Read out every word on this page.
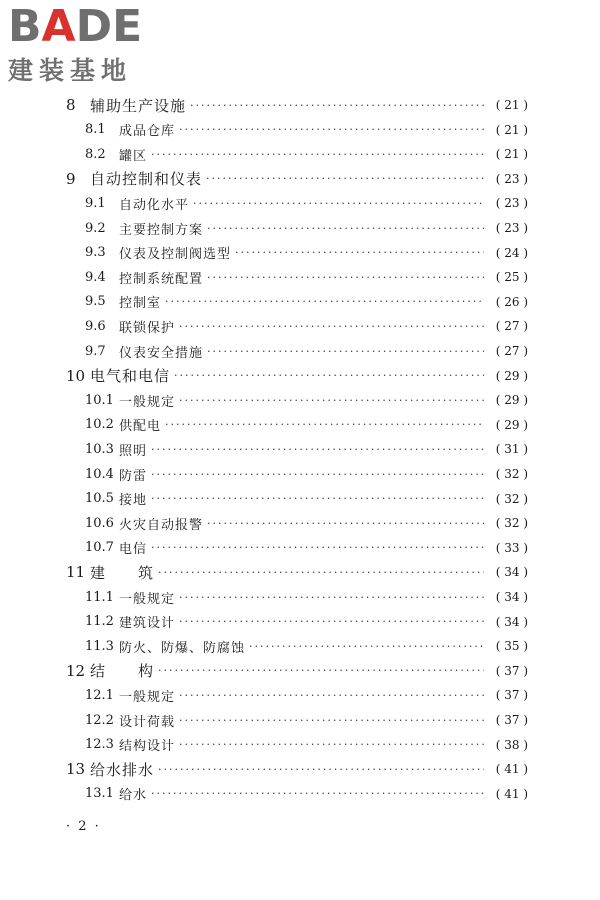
BADE
建装基地
8 辅助生产设施 ·····	( 21 )
8.1	成品仓库 ·····	( 21 )
8.2	罐区 ·····	( 21 )
9 自动控制和仪表 ·····	( 23 )
9.1	自动化水平 ·····	( 23 )
9.2	主要控制方案 ·····	( 23 )
9.3	仪表及控制阀选型 ·····	( 24 )
9.4	控制系统配置 ·····	( 25 )
9.5	控制室 ·····	( 26 )
9.6	联锁保护 ·····	( 27 )
9.7	仪表安全措施 ·····	( 27 )
10 电气和电信 ·····	( 29 )
10.1 一般规定 ·····	( 29 )
10.2 供配电 ·····	( 29 )
10.3 照明 ·····	( 31 )
10.4 防雷 ·····	( 32 )
10.5 接地 ·····	( 32 )
10.6 火灾自动报警 ·····	( 32 )
10.7 电信 ·····	( 33 )
11 建　　筑 ·····	( 34 )
11.1 一般规定 ·····	( 34 )
11.2 建筑设计 ·····	( 34 )
11.3 防火、防爆、防腐蚀 ·····	( 35 )
12 结　　构 ·····	( 37 )
12.1 一般规定 ·····	( 37 )
12.2 设计荷载 ·····	( 37 )
12.3 结构设计 ·····	( 38 )
13 给水排水 ·····	( 41 )
13.1 给水 ·····	( 41 )
· 2 ·
